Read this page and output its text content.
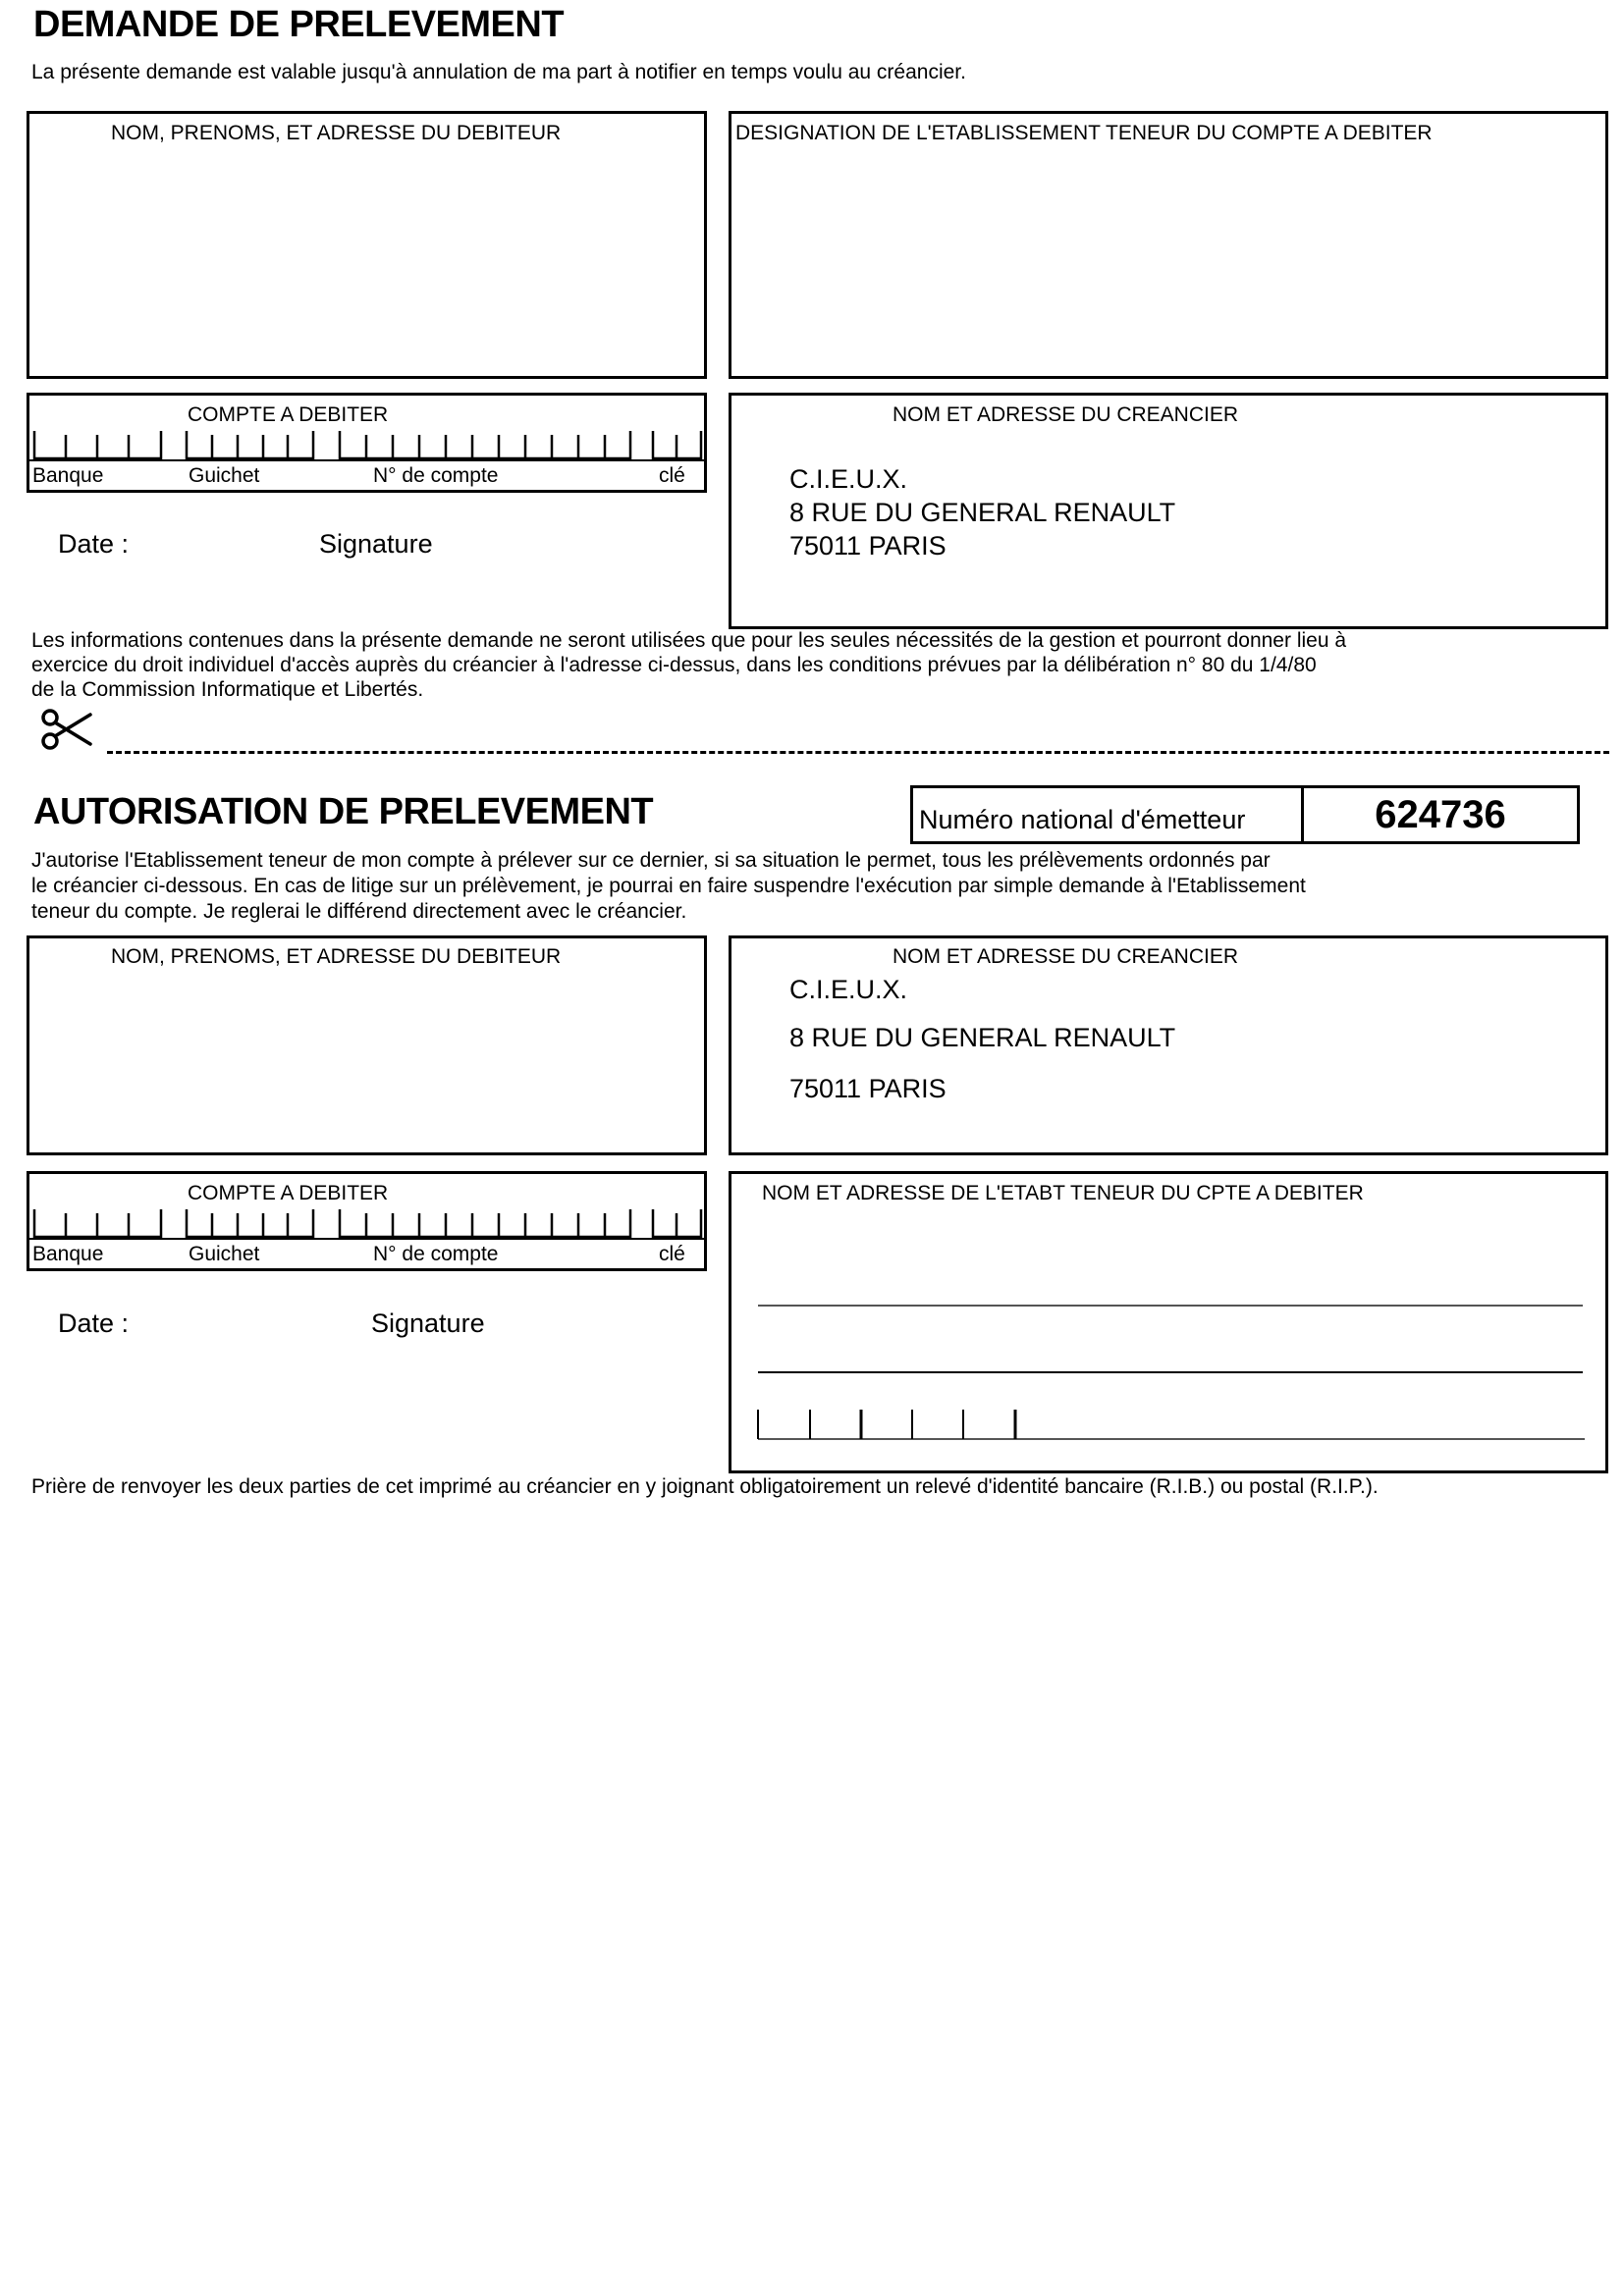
DEMANDE DE PRELEVEMENT
La présente demande est valable jusqu'à annulation de ma part à notifier en temps voulu au créancier.
NOM, PRENOMS, ET ADRESSE DU DEBITEUR	DESIGNATION DE L'ETABLISSEMENT TENEUR DU COMPTE A DEBITER
COMPTE A DEBITER
Banque	Guichet	N° de compte	clé
Date :	Signature
NOM ET ADRESSE DU CREANCIER
C.I.E.U.X.
8 RUE DU GENERAL RENAULT
75011 PARIS
Les informations contenues dans la présente demande ne seront utilisées que pour les seules nécessités de la gestion et pourront donner lieu à
exercice du droit individuel d'accès auprès du créancier à l'adresse ci-dessus, dans les conditions prévues par la délibération n° 80 du 1/4/80
de la Commission Informatique et Libertés.
AUTORISATION DE PRELEVEMENT	Numéro national d'émetteur	624736
J'autorise l'Etablissement teneur de mon compte à prélever sur ce dernier, si sa situation le permet, tous les prélèvements ordonnés par
le créancier ci-dessous. En cas de litige sur un prélèvement, je pourrai en faire suspendre l'exécution par simple demande à l'Etablissement
teneur du compte. Je reglerai le différend directement avec le créancier.
NOM, PRENOMS, ET ADRESSE DU DEBITEUR	NOM ET ADRESSE DU CREANCIER
C.I.E.U.X.
8 RUE DU GENERAL RENAULT
75011 PARIS
COMPTE A DEBITER
Banque	Guichet	N° de compte	clé
Date :	Signature
NOM ET ADRESSE DE L'ETABT TENEUR DU CPTE A DEBITER
Prière de renvoyer les deux parties de cet imprimé au créancier en y joignant obligatoirement un relevé d'identité bancaire (R.I.B.) ou postal (R.I.P.).
